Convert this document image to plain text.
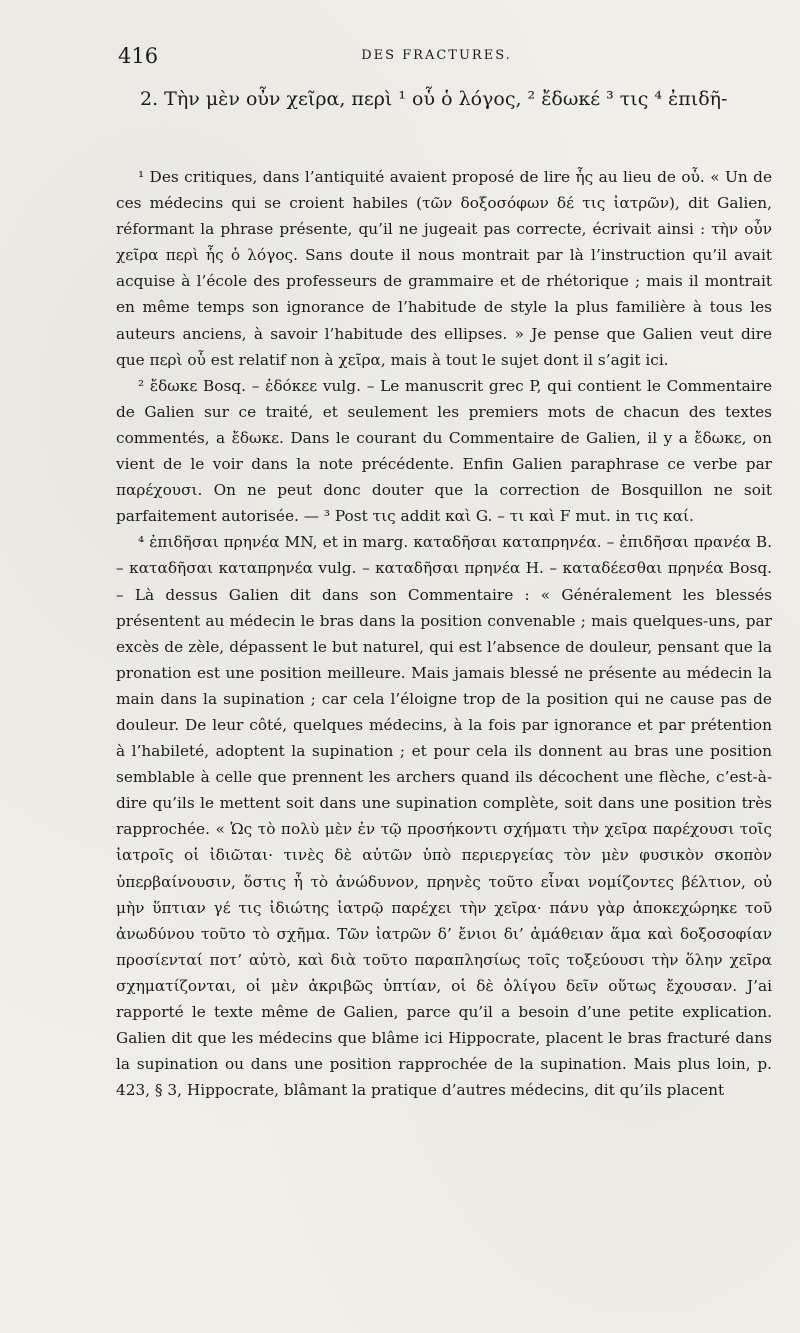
416	DES FRACTURES.
2. Τὴν μὲν οὖν χεῖρα, περὶ ¹ οὗ ὁ λόγος, ² ἔδωκέ ³ τις ⁴ ἐπιδῆ-

¹ Des critiques, dans l’antiquité avaient proposé de lire ἧς au lieu de οὗ. « Un de ces médecins qui se croient habiles (τῶν δοξοσόφων δέ τις ἰατρῶν), dit Galien, réformant la phrase présente, qu’il ne jugeait pas correcte, écrivait ainsi : τὴν οὖν χεῖρα περὶ ἧς ὁ λόγος. Sans doute il nous montrait par là l’instruction qu’il avait acquise à l’école des professeurs de grammaire et de rhétorique ; mais il montrait en même temps son ignorance de l’habitude de style la plus familière à tous les auteurs anciens, à savoir l’habitude des ellipses. » Je pense que Galien veut dire que περὶ οὗ est relatif non à χεῖρα, mais à tout le sujet dont il s’agit ici.

² ἔδωκε Bosq. – ἐδόκεε vulg. – Le manuscrit grec P, qui contient le Commentaire de Galien sur ce traité, et seulement les premiers mots de chacun des textes commentés, a ἔδωκε. Dans le courant du Commentaire de Galien, il y a ἔδωκε, on vient de le voir dans la note précédente. Enfin Galien paraphrase ce verbe par παρέχουσι. On ne peut donc douter que la correction de Bosquillon ne soit parfaitement autorisée. — ³ Post τις addit καὶ G. – τι καὶ F mut. in τις καί.

⁴ ἐπιδῆσαι πρηνέα MN, et in marg. καταδῆσαι καταπρηνέα. – ἐπιδῆσαι πρανέα B. – καταδῆσαι καταπρηνέα vulg. – καταδῆσαι πρηνέα H. – καταδέεσθαι πρηνέα Bosq. – Là dessus Galien dit dans son Commentaire : « Généralement les blessés présentent au médecin le bras dans la position convenable ; mais quelques-uns, par excès de zèle, dépassent le but naturel, qui est l’absence de douleur, pensant que la pronation est une position meilleure. Mais jamais blessé ne présente au médecin la main dans la supination ; car cela l’éloigne trop de la position qui ne cause pas de douleur. De leur côté, quelques médecins, à la fois par ignorance et par prétention à l’habileté, adoptent la supination ; et pour cela ils donnent au bras une position semblable à celle que prennent les archers quand ils décochent une flèche, c’est-à-dire qu’ils le mettent soit dans une supination complète, soit dans une position très rapprochée. « Ὡς τὸ πολὺ μὲν ἐν τῷ προσήκοντι σχήματι τὴν χεῖρα παρέχουσι τοῖς ἰατροῖς οἱ ἰδιῶται· τινὲς δὲ αὐτῶν ὑπὸ περιεργείας τὸν μὲν φυσικὸν σκοπὸν ὑπερβαίνουσιν, ὅστις ἦ τὸ ἀνώδυνον, πρηνὲς τοῦτο εἶναι νομίζοντες βέλτιον, οὐ μὴν ὕπτιαν γέ τις ἰδιώτης ἰατρῷ παρέχει τὴν χεῖρα· πάνυ γὰρ ἀποκεχώρηκε τοῦ ἀνωδύνου τοῦτο τὸ σχῆμα. Τῶν ἰατρῶν δ’ ἔνιοι δι’ ἀμάθειαν ἅμα καὶ δοξοσοφίαν προσίενταί ποτ’ αὐτὸ, καὶ διὰ τοῦτο παραπλησίως τοῖς τοξεύουσι τὴν ὅλην χεῖρα σχηματίζονται, οἱ μὲν ἀκριβῶς ὑπτίαν, οἱ δὲ ὀλίγου δεῖν οὕτως ἔχουσαν. J’ai rapporté le texte même de Galien, parce qu’il a besoin d’une petite explication. Galien dit que les médecins que blâme ici Hippocrate, placent le bras fracturé dans la supination ou dans une position rapprochée de la supination. Mais plus loin, p. 423, § 3, Hippocrate, blâmant la pratique d’autres médecins, dit qu’ils placent
